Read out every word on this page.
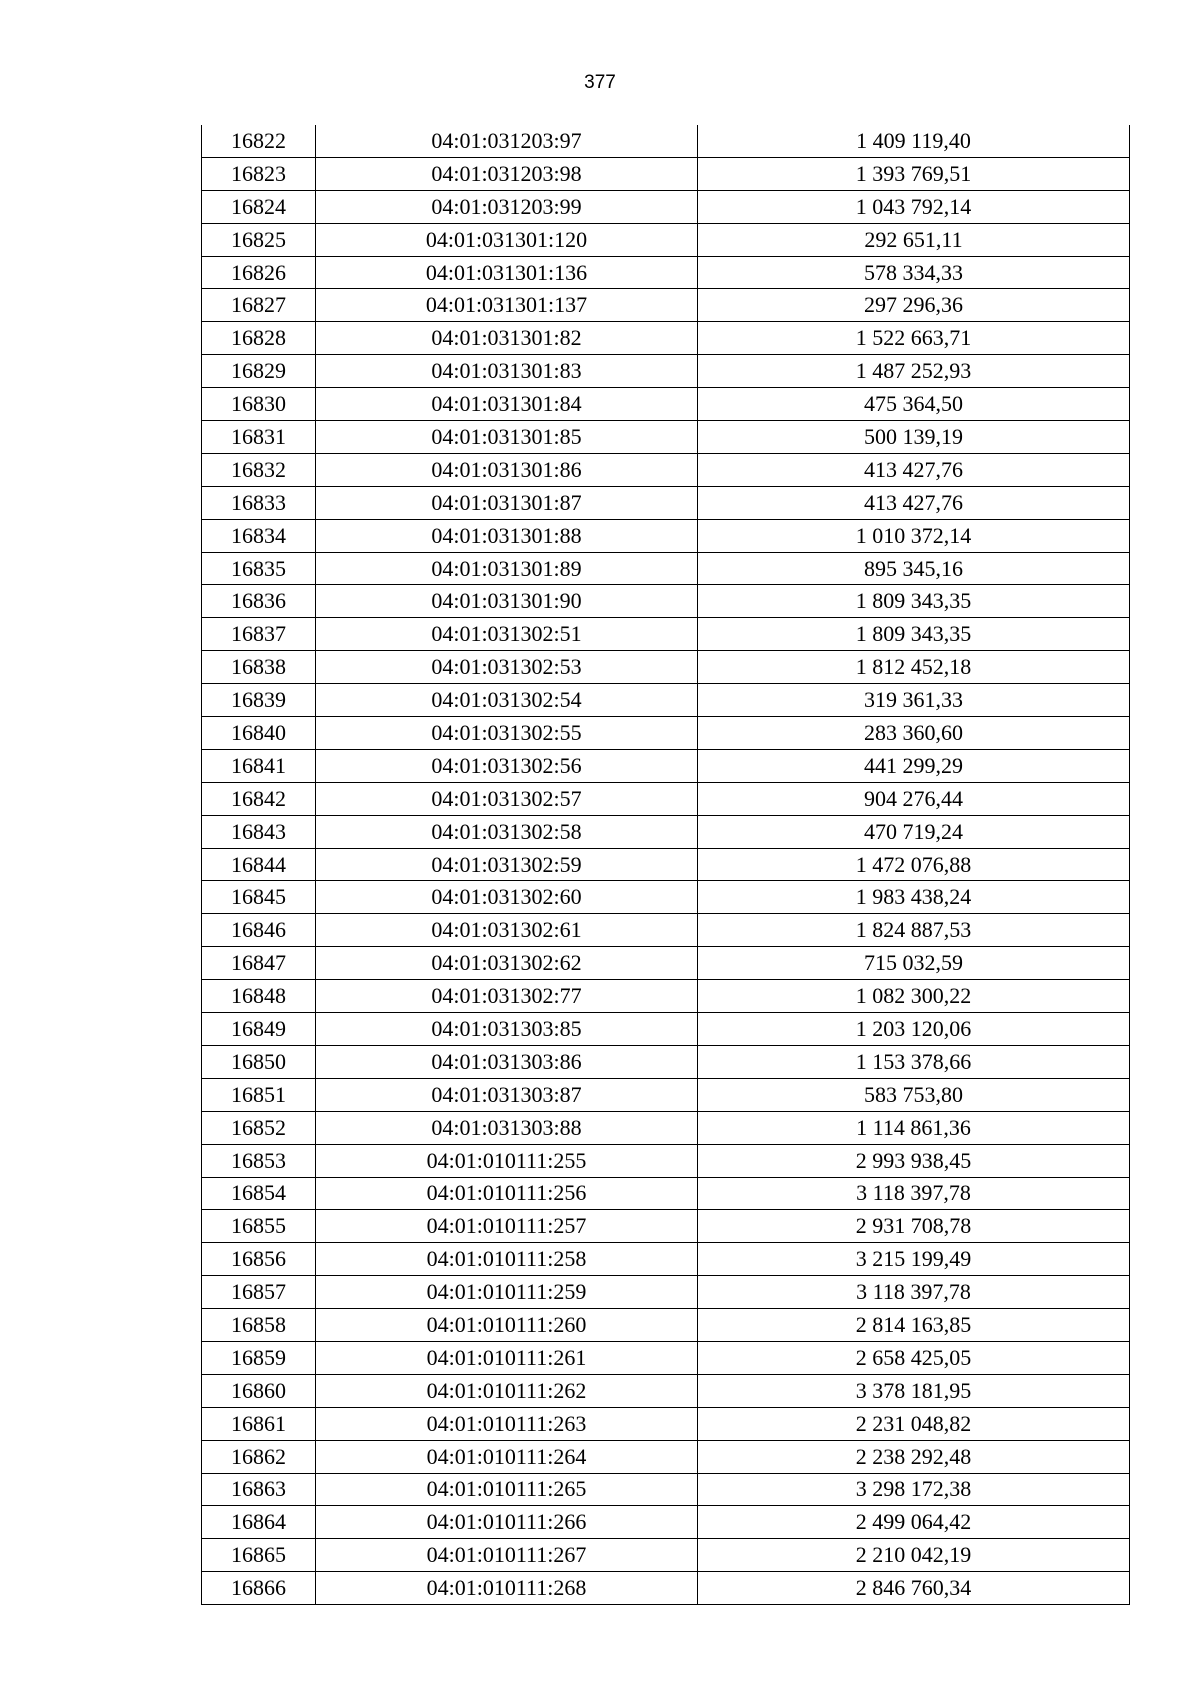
377
16822	04:01:031203:97	1 409 119,40
16823	04:01:031203:98	1 393 769,51
16824	04:01:031203:99	1 043 792,14
16825	04:01:031301:120	292 651,11
16826	04:01:031301:136	578 334,33
16827	04:01:031301:137	297 296,36
16828	04:01:031301:82	1 522 663,71
16829	04:01:031301:83	1 487 252,93
16830	04:01:031301:84	475 364,50
16831	04:01:031301:85	500 139,19
16832	04:01:031301:86	413 427,76
16833	04:01:031301:87	413 427,76
16834	04:01:031301:88	1 010 372,14
16835	04:01:031301:89	895 345,16
16836	04:01:031301:90	1 809 343,35
16837	04:01:031302:51	1 809 343,35
16838	04:01:031302:53	1 812 452,18
16839	04:01:031302:54	319 361,33
16840	04:01:031302:55	283 360,60
16841	04:01:031302:56	441 299,29
16842	04:01:031302:57	904 276,44
16843	04:01:031302:58	470 719,24
16844	04:01:031302:59	1 472 076,88
16845	04:01:031302:60	1 983 438,24
16846	04:01:031302:61	1 824 887,53
16847	04:01:031302:62	715 032,59
16848	04:01:031302:77	1 082 300,22
16849	04:01:031303:85	1 203 120,06
16850	04:01:031303:86	1 153 378,66
16851	04:01:031303:87	583 753,80
16852	04:01:031303:88	1 114 861,36
16853	04:01:010111:255	2 993 938,45
16854	04:01:010111:256	3 118 397,78
16855	04:01:010111:257	2 931 708,78
16856	04:01:010111:258	3 215 199,49
16857	04:01:010111:259	3 118 397,78
16858	04:01:010111:260	2 814 163,85
16859	04:01:010111:261	2 658 425,05
16860	04:01:010111:262	3 378 181,95
16861	04:01:010111:263	2 231 048,82
16862	04:01:010111:264	2 238 292,48
16863	04:01:010111:265	3 298 172,38
16864	04:01:010111:266	2 499 064,42
16865	04:01:010111:267	2 210 042,19
16866	04:01:010111:268	2 846 760,34
